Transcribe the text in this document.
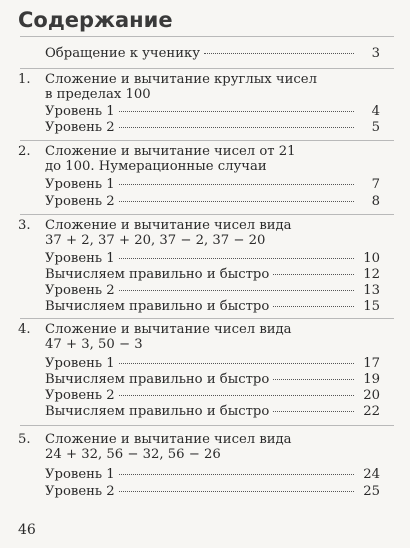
Содержание
Обращение к ученику	3
1. Сложение и вычитание круглых чисел
в пределах 100
Уровень 1	4
Уровень 2	5
2. Сложение и вычитание чисел от 21
до 100. Нумерационные случаи
Уровень 1	7
Уровень 2	8
3. Сложение и вычитание чисел вида
37 + 2, 37 + 20, 37 − 2, 37 − 20
Уровень 1	10
Вычисляем правильно и быстро	12
Уровень 2	13
Вычисляем правильно и быстро	15
4. Сложение и вычитание чисел вида
47 + 3, 50 − 3
Уровень 1	17
Вычисляем правильно и быстро	19
Уровень 2	20
Вычисляем правильно и быстро	22
5. Сложение и вычитание чисел вида
24 + 32, 56 − 32, 56 − 26
Уровень 1	24
Уровень 2	25
46
